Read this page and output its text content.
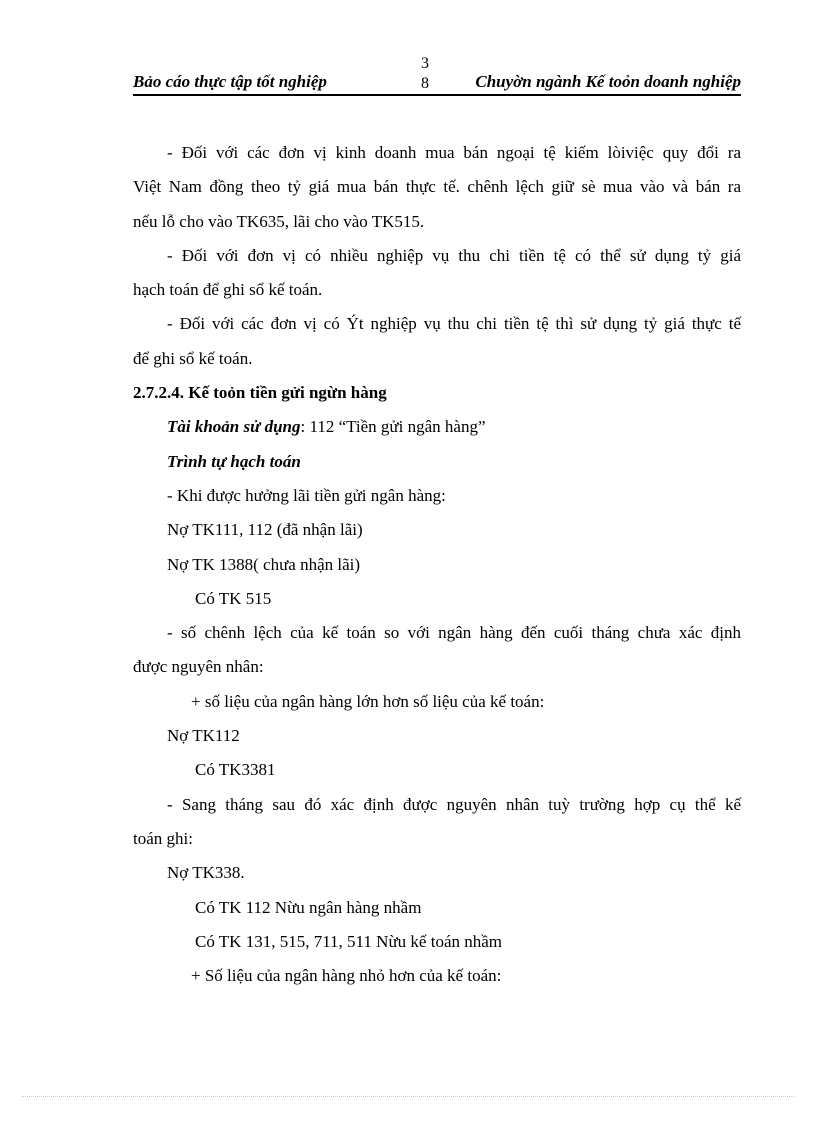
Bảo cáo thực tập tốt nghiệp
3
8	Chuyờn ngành Kế toỏn doanh nghiệp

- Đối với các đơn vị kinh doanh mua bán ngoại tệ kiếm lòiviệc quy đổi ra

Việt Nam đồng theo tỷ giá mua bán thực tế. chênh lệch giữ sè mua vào và bán ra

nếu lỗ cho vào TK635, lãi cho vào TK515.

- Đối với đơn vị có nhiều nghiệp vụ thu chi tiền tệ có thể sử dụng tỷ giá

hạch toán để ghi sổ kế toán.

- Đối với các đơn vị có Ýt nghiệp vụ thu chi tiền tệ thì sử dụng tỷ giá thực tế

để ghi sổ kế toán.

2.7.2.4. Kế toỏn tiền gửi ngừn hàng

Tài khoản sử dụng: 112 “Tiền gửi ngân hàng”

Trình tự hạch toán

- Khi được hưởng lãi tiền gửi ngân hàng:

Nợ TK111, 112 (đã nhận lãi)

Nợ TK 1388( chưa nhận lãi)

Có TK 515

- số chênh lệch của kế toán so với ngân hàng đến cuối tháng chưa xác định

được nguyên nhân:

+ số liệu của ngân hàng lớn hơn số liệu của kế toán:

Nợ TK112

Có TK3381

- Sang tháng sau đó xác định được nguyên nhân tuỳ trường hợp cụ thể kế

toán ghi:

Nợ TK338.

Có TK 112 Nừu ngân hàng nhầm

Có TK 131, 515, 711, 511 Nừu kế toán nhầm

+ Số liệu của ngân hàng nhỏ hơn của kế toán:
